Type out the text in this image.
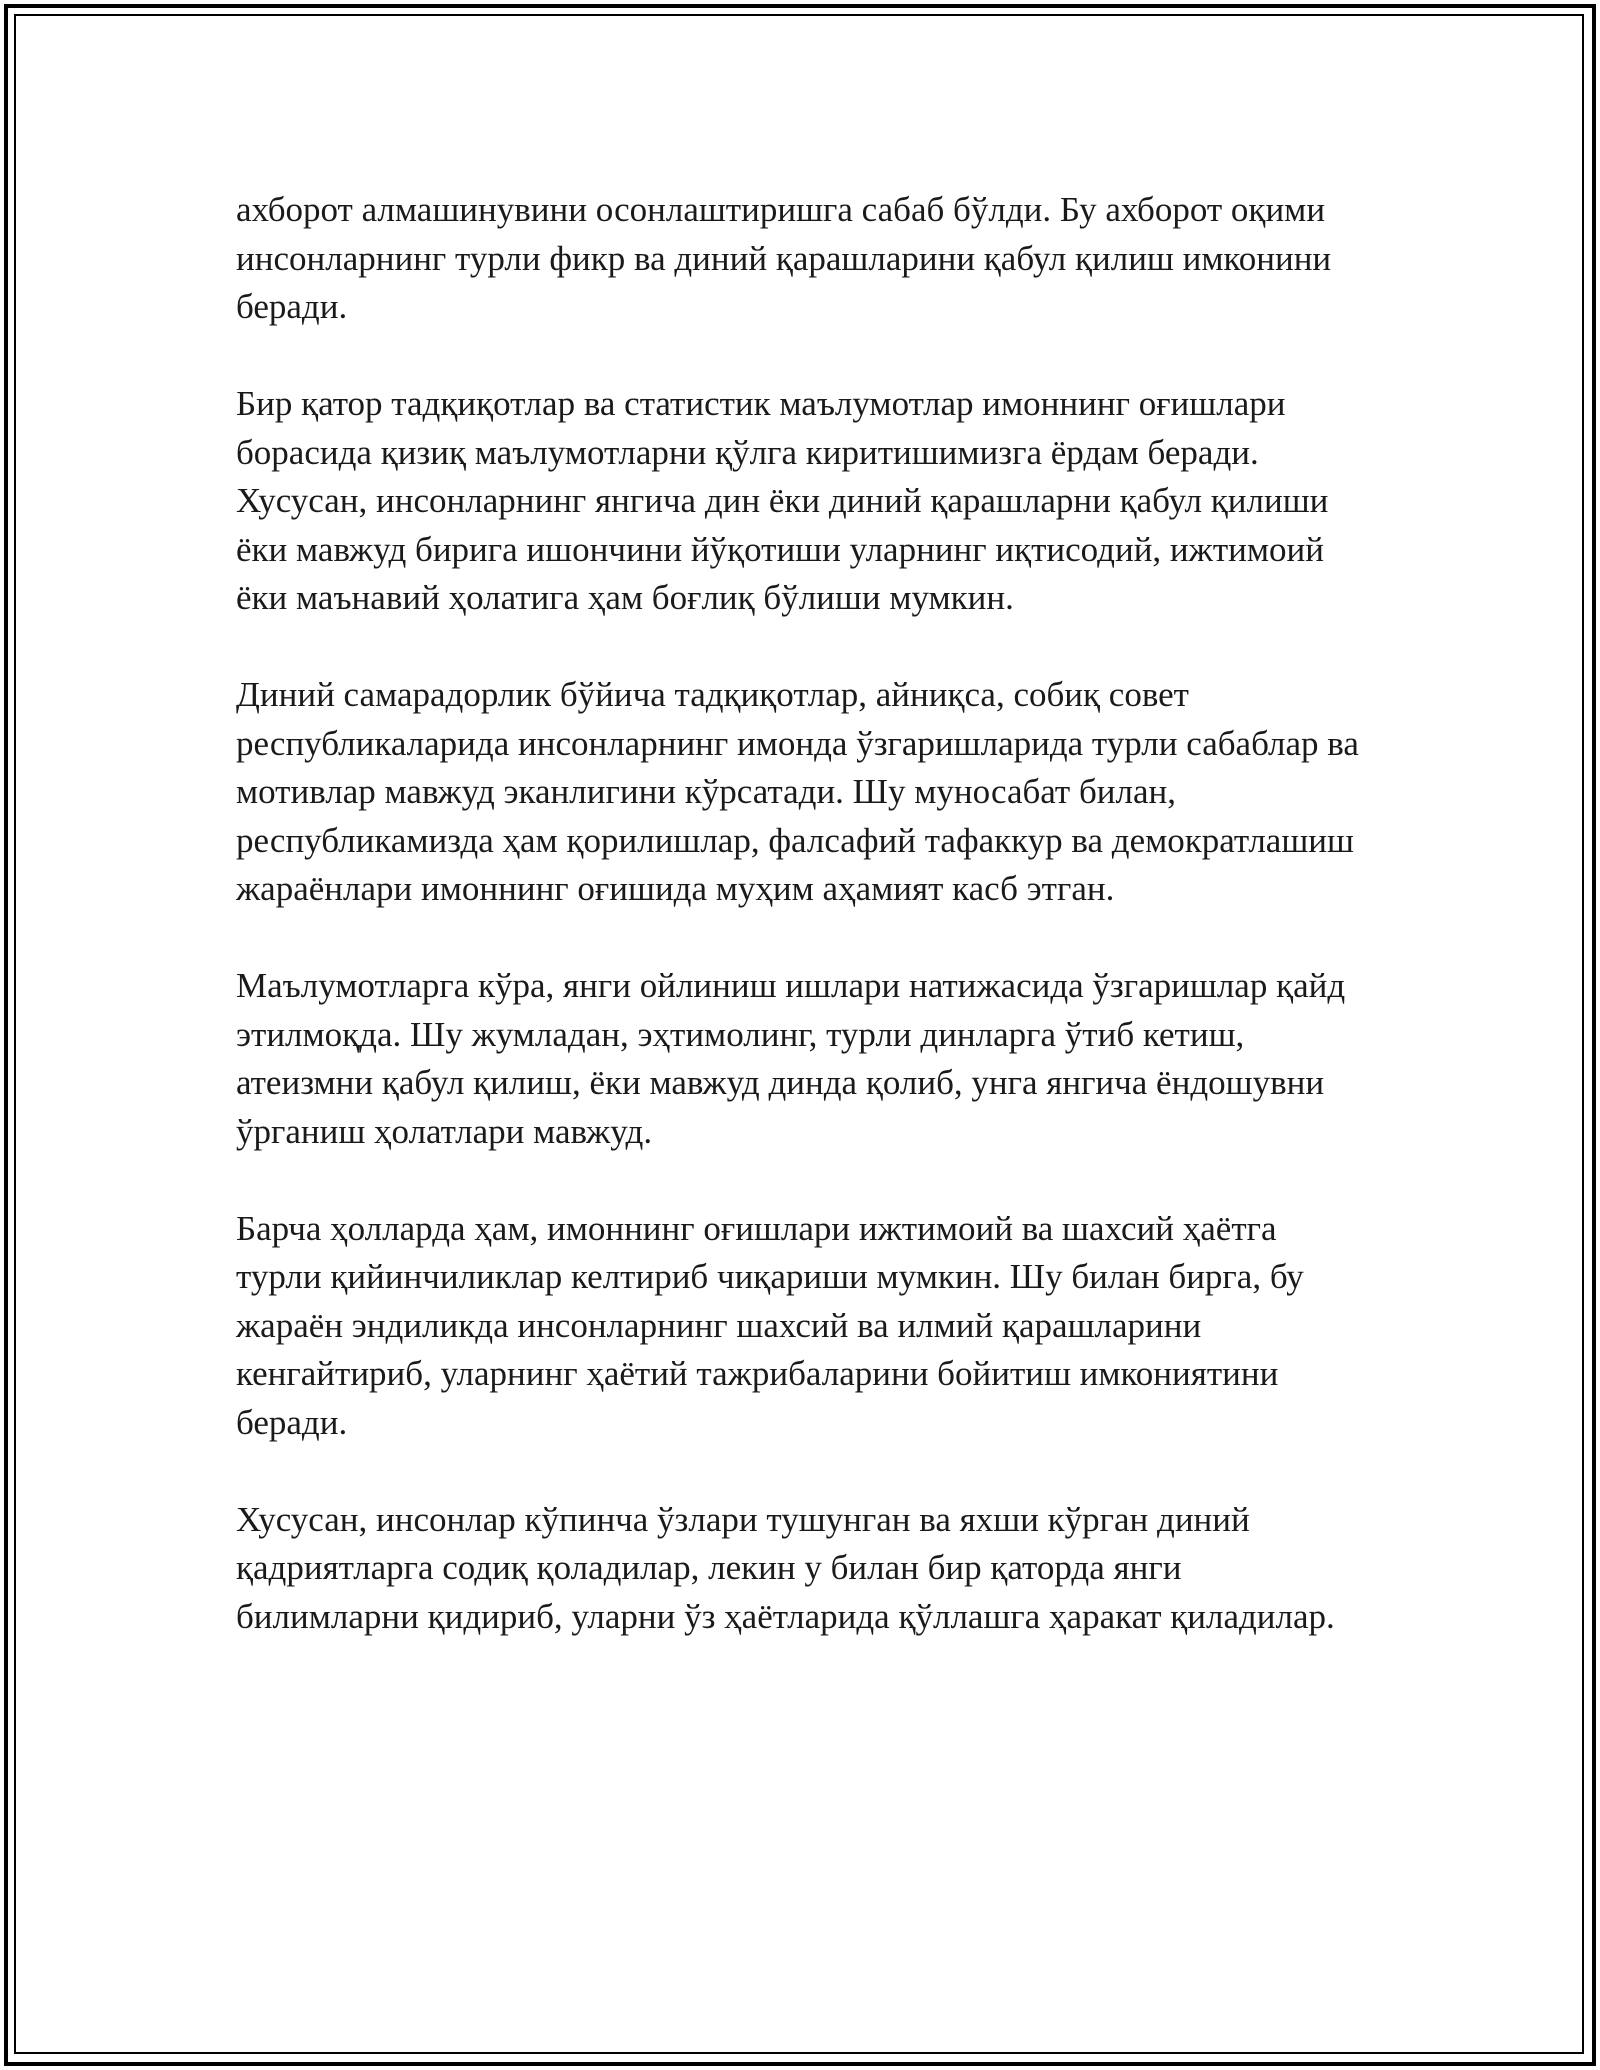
ахборот алмашинувини осонлаштиришга сабаб бўлди. Бу ахборот оқими инсонларнинг турли фикр ва диний қарашларини қабул қилиш имконини беради.

Бир қатор тадқиқотлар ва статистик маълумотлар имоннинг оғишлари борасида қизиқ маълумотларни қўлга киритишимизга ёрдам беради. Хусусан, инсонларнинг янгича дин ёки диний қарашларни қабул қилиши ёки мавжуд бирига ишончини йўқотиши уларнинг иқтисодий, ижтимоий ёки маънавий ҳолатига ҳам боғлиқ бўлиши мумкин.

Диний самарадорлик бўйича тадқиқотлар, айниқса, собиқ совет республикаларида инсонларнинг имонда ўзгаришларида турли сабаблар ва мотивлар мавжуд эканлигини кўрсатади. Шу муносабат билан, республикамизда ҳам қорилишлар, фалсафий тафаккур ва демократлашиш жараёнлари имоннинг оғишида муҳим аҳамият касб этган.

Маълумотларга кўра, янги ойлиниш ишлари натижасида ўзгаришлар қайд этилмоқда. Шу жумладан, эҳтимолинг, турли динларга ўтиб кетиш, атеизмни қабул қилиш, ёки мавжуд динда қолиб, унга янгича ёндошувни ўрганиш ҳолатлари мавжуд.

Барча ҳолларда ҳам, имоннинг оғишлари ижтимоий ва шахсий ҳаётга турли қийинчиликлар келтириб чиқариши мумкин. Шу билан бирга, бу жараён эндиликда инсонларнинг шахсий ва илмий қарашларини кенгайтириб, уларнинг ҳаётий тажрибаларини бойитиш имкониятини беради.

Хусусан, инсонлар кўпинча ўзлари тушунган ва яхши кўрган диний қадриятларга содиқ қоладилар, лекин у билан бир қаторда янги билимларни қидириб, уларни ўз ҳаётларида қўллашга ҳаракат қиладилар.
